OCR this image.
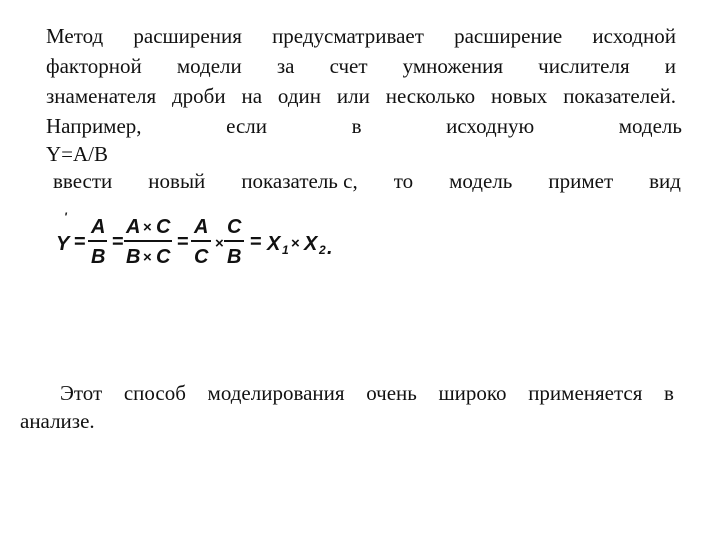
Метод расширения предусматривает расширение исходной
факторной модели за счет умножения числителя и
знаменателя дроби на один или несколько новых показателей.
Например,	если	в	исходную	модель
Y=A/B
ввести новый показатель с, то модель примет вид
'
Y =
A
B
=
A × C
B × C
=
A
C
×
C
B
= X 1 × X 2 .
Этот способ моделирования очень широко применяется в
анализе.
